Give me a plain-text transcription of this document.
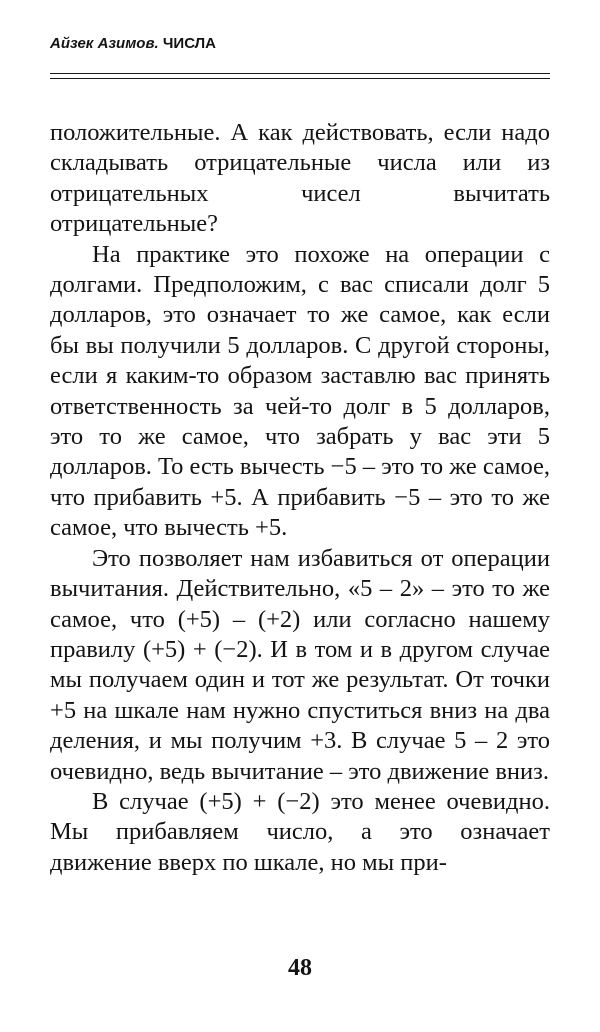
Айзек Азимов. ЧИСЛА

положительные. А как действовать, если надо складывать отрицательные числа или из отрицательных чисел вычитать отрицательные?

На практике это похоже на операции с долгами. Предположим, с вас списали долг 5 долларов, это означает то же самое, как если бы вы получили 5 долларов. С другой стороны, если я каким-то образом заставлю вас принять ответственность за чей-то долг в 5 долларов, это то же самое, что забрать у вас эти 5 долларов. То есть вычесть −5 – это то же самое, что прибавить +5. А прибавить −5 – это то же самое, что вычесть +5.

Это позволяет нам избавиться от операции вычитания. Действительно, «5 – 2» – это то же самое, что (+5) – (+2) или согласно нашему правилу (+5) + (−2). И в том и в другом случае мы получаем один и тот же результат. От точки +5 на шкале нам нужно спуститься вниз на два деления, и мы получим +3. В случае 5 – 2 это очевидно, ведь вычитание – это движение вниз.

В случае (+5) + (−2) это менее очевидно. Мы прибавляем число, а это означает движение вверх по шкале, но мы при-

48
